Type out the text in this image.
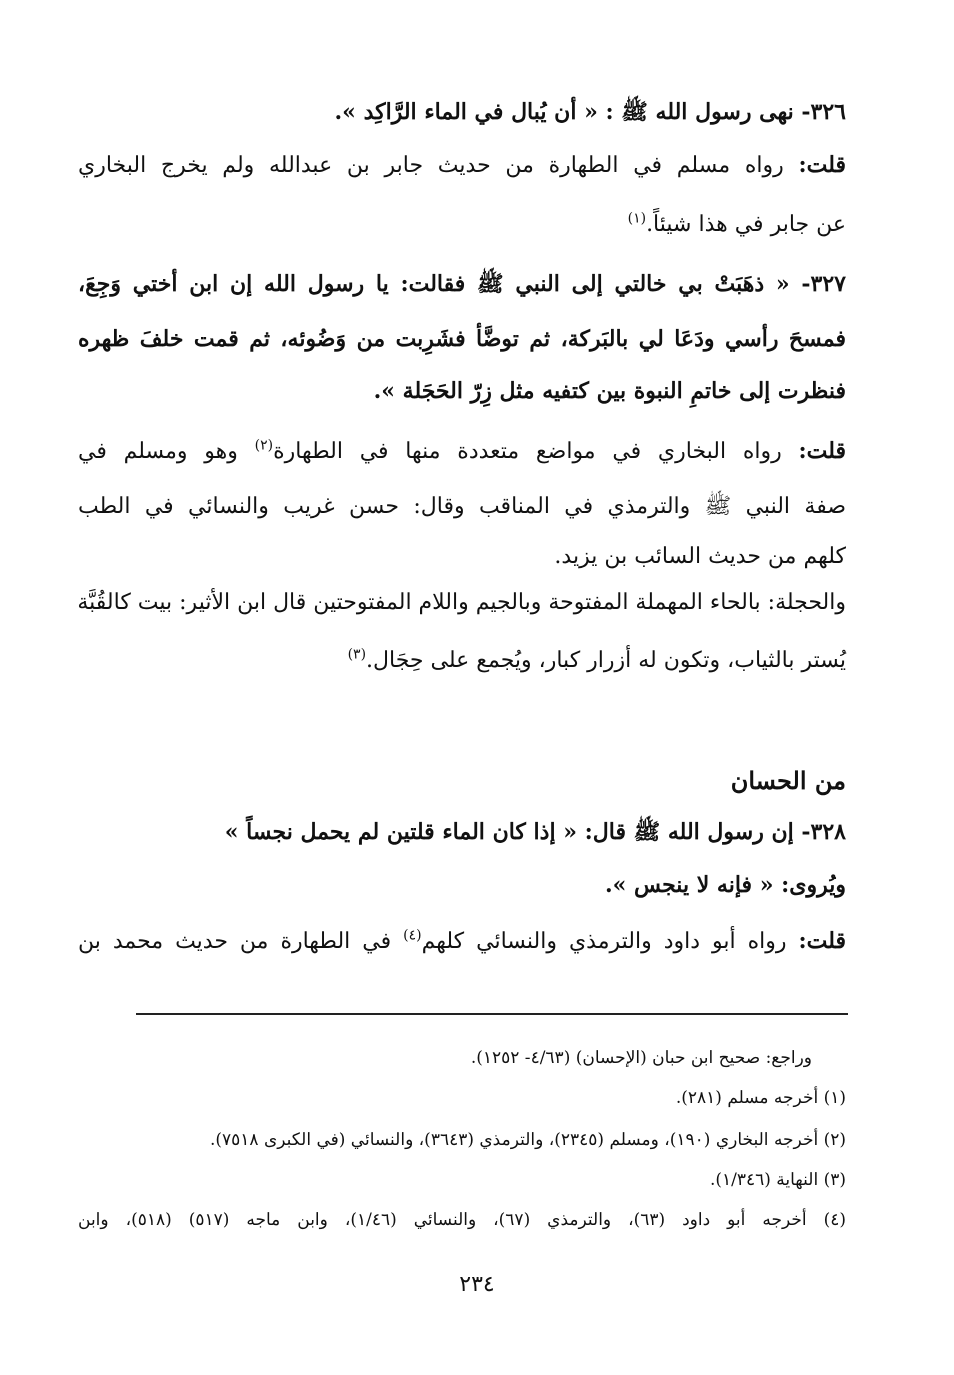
٣٢٦- نهى رسول الله ﷺ : « أن يُبال في الماء الرَّاكِد ».
قلت: رواه مسلم في الطهارة من حديث جابر بن عبدالله ولم يخرج البخاري
عن جابر في هذا شيئاً.$^{(١)}$
٣٢٧- « ذهَبَتْ بي خالتي إلى النبي ﷺ فقالت: يا رسول الله إن ابن أختي وَجِعَ،
فمسحَ رأسي ودَعَا لي بالبَركة، ثم توضَّأ فشَرِبت من وَضُوئه، ثم قمت خلفَ ظهره
فنظرت إلى خاتمِ النبوة بين كتفيه مثل زِرّ الحَجَلة ».
قلت: رواه البخاري في مواضع متعددة منها في الطهارة$^{(٢)}$ وهو ومسلم في
صفة النبي ﷺ والترمذي في المناقب وقال: حسن غريب والنسائي في الطب
كلهم من حديث السائب بن يزيد.
والحجلة: بالحاء المهملة المفتوحة وبالجيم واللام المفتوحتين قال ابن الأثير: بيت كالقُبَّة
يُستر بالثياب، وتكون له أزرار كبار، ويُجمع على حِجَال.$^{(٣)}$
من الحسان
٣٢٨- إن رسول الله ﷺ قال: « إذا كان الماء قلتين لم يحمل نجساً »
ويُروى: « فإنه لا ينجس ».
قلت: رواه أبو داود والترمذي والنسائي كلهم$^{(٤)}$ في الطهارة من حديث محمد بن
وراجع: صحيح ابن حبان (الإحسان) (٤/٦٣- ١٢٥٢).
(١) أخرجه مسلم (٢٨١).
(٢) أخرجه البخاري (١٩٠)، ومسلم (٢٣٤٥)، والترمذي (٣٦٤٣)، والنسائي (في الكبرى ٧٥١٨).
(٣) النهاية (١/٣٤٦).
(٤) أخرجه أبو داود (٦٣)، والترمذي (٦٧)، والنسائي (١/٤٦)، وابن ماجه (٥١٧) (٥١٨)، وابن
٢٣٤
